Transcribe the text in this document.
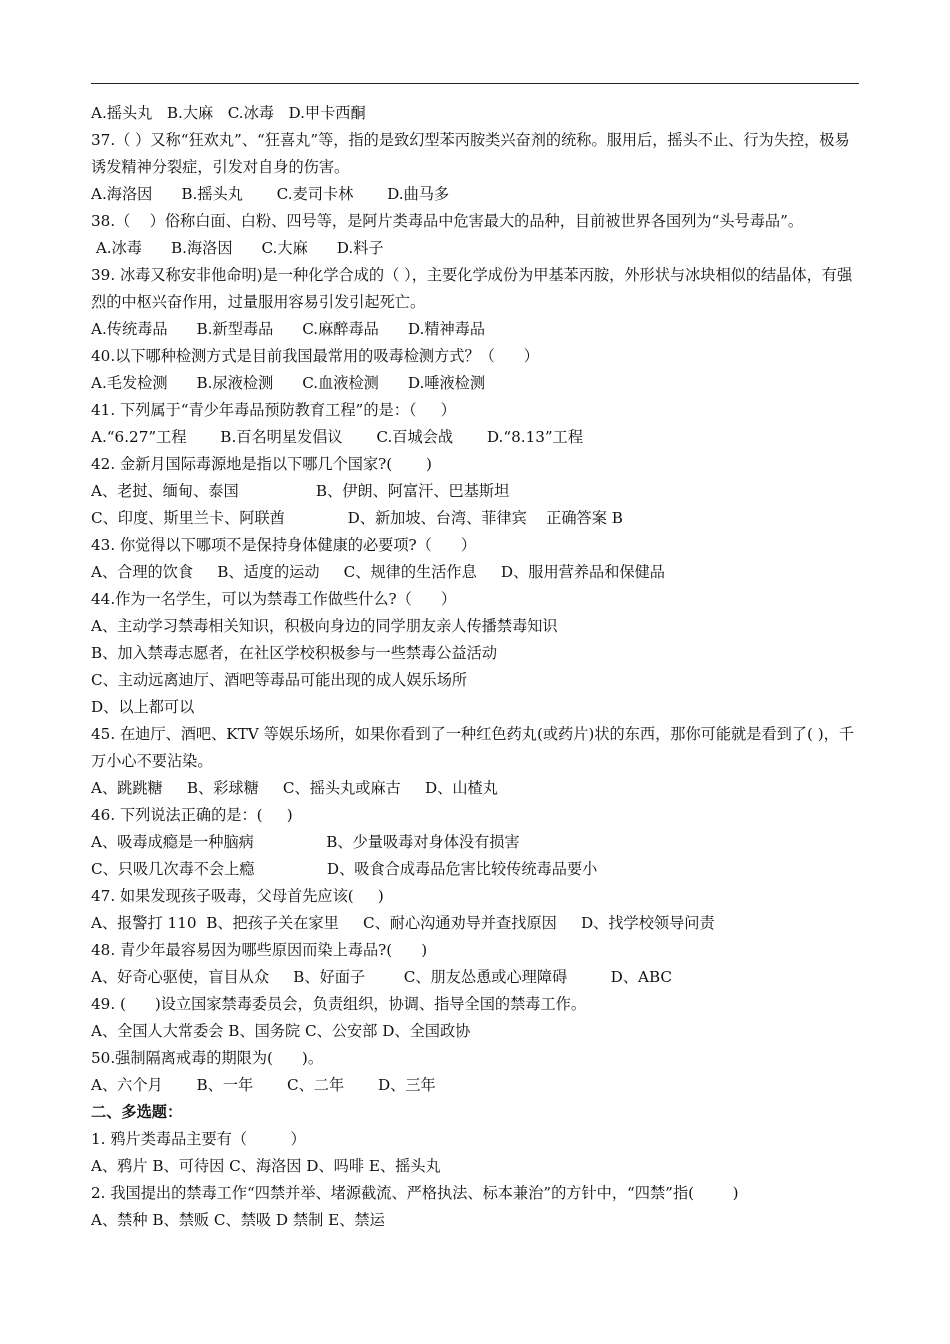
A.摇头丸   B.大麻   C.冰毒   D.甲卡西酮
37.（ ）又称“狂欢丸”、“狂喜丸”等，指的是致幻型苯丙胺类兴奋剂的统称。服用后，摇头不止、行为失控，极易诱发精神分裂症，引发对自身的伤害。
A.海洛因      B.摇头丸       C.麦司卡林       D.曲马多
38.（    ）俗称白面、白粉、四号等，是阿片类毒品中危害最大的品种，目前被世界各国列为“头号毒品”。
A.冰毒      B.海洛因      C.大麻      D.料子
39. 冰毒又称安非他命明)是一种化学合成的（ ），主要化学成份为甲基苯丙胺，外形状与冰块相似的结晶体，有强烈的中枢兴奋作用，过量服用容易引发引起死亡。
A.传统毒品      B.新型毒品      C.麻醉毒品      D.精神毒品
40.以下哪种检测方式是目前我国最常用的吸毒检测方式？（      ）
A.毛发检测      B.尿液检测      C.血液检测      D.唾液检测
41. 下列属于“青少年毒品预防教育工程”的是：（     ）
A.“6.27”工程       B.百名明星发倡议       C.百城会战       D.“8.13”工程
42. 金新月国际毒源地是指以下哪几个国家?(       )
A、老挝、缅甸、泰国                B、伊朗、阿富汗、巴基斯坦
C、印度、斯里兰卡、阿联酋             D、新加坡、台湾、菲律宾    正确答案 B
43. 你觉得以下哪项不是保持身体健康的必要项?（      ）
A、合理的饮食     B、适度的运动     C、规律的生活作息     D、服用营养品和保健品
44.作为一名学生，可以为禁毒工作做些什么?（      ）
A、主动学习禁毒相关知识，积极向身边的同学朋友亲人传播禁毒知识
B、加入禁毒志愿者，在社区学校积极参与一些禁毒公益活动
C、主动远离迪厅、酒吧等毒品可能出现的成人娱乐场所
D、以上都可以
45. 在迪厅、酒吧、KTV 等娱乐场所，如果你看到了一种红色药丸(或药片)状的东西，那你可能就是看到了( )，千万小心不要沾染。
A、跳跳糖     B、彩球糖     C、摇头丸或麻古     D、山楂丸
46. 下列说法正确的是：(     )
A、吸毒成瘾是一种脑病               B、少量吸毒对身体没有损害
C、只吸几次毒不会上瘾               D、吸食合成毒品危害比较传统毒品要小
47. 如果发现孩子吸毒，父母首先应该(     )
A、报警打 110  B、把孩子关在家里     C、耐心沟通劝导并查找原因     D、找学校领导问责
48. 青少年最容易因为哪些原因而染上毒品?(      )
A、好奇心驱使，盲目从众     B、好面子        C、朋友怂恿或心理障碍         D、ABC
49. (      )设立国家禁毒委员会，负责组织，协调、指导全国的禁毒工作。
A、全国人大常委会 B、国务院 C、公安部 D、全国政协
50.强制隔离戒毒的期限为(      )。
A、六个月       B、一年       C、二年       D、三年
二、多选题：
1. 鸦片类毒品主要有（         ）
A、鸦片 B、可待因 C、海洛因 D、吗啡 E、摇头丸
2. 我国提出的禁毒工作“四禁并举、堵源截流、严格执法、标本兼治”的方针中，“四禁”指(        )
A、禁种 B、禁贩 C、禁吸 D 禁制 E、禁运
